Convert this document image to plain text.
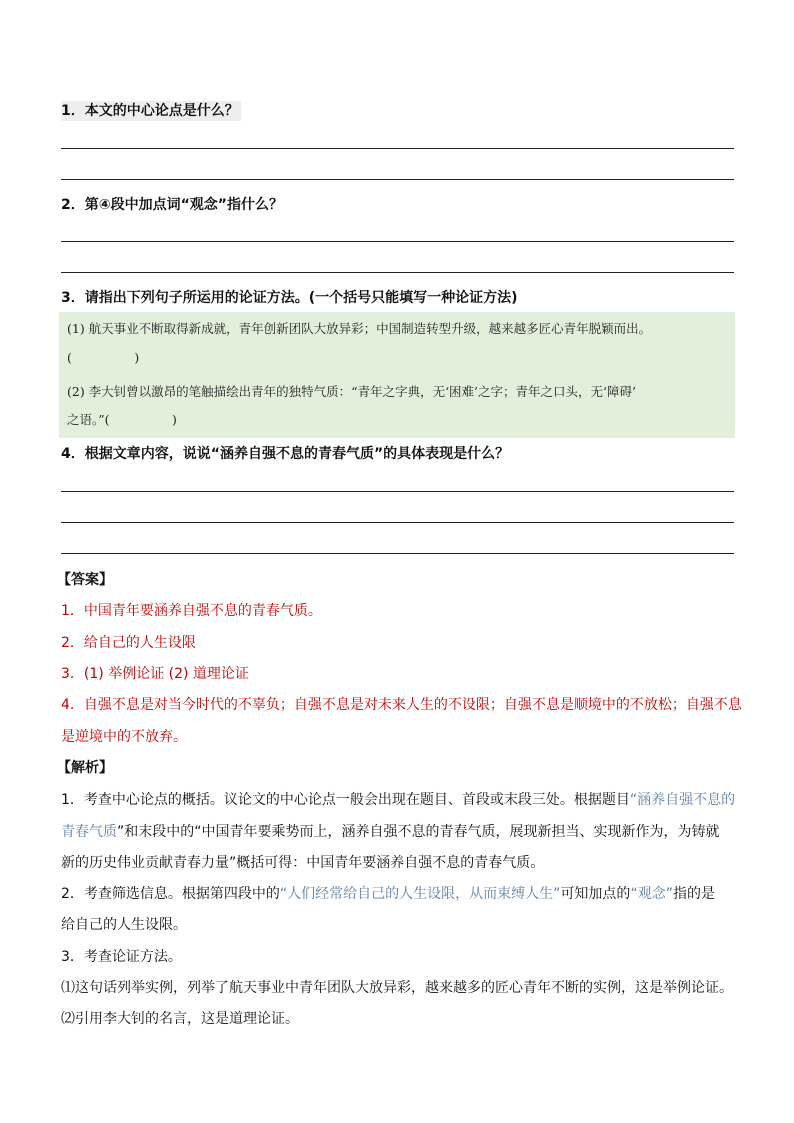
1．本文的中心论点是什么？
2．第④段中加点词“观念”指什么？
3．请指出下列句子所运用的论证方法。(一个括号只能填写一种论证方法)

(1) 航天事业不断取得新成就，青年创新团队大放异彩；中国制造转型升级，越来越多匠心青年脱颖而出。

(　　　　　)

(2) 李大钊曾以激昂的笔触描绘出青年的独特气质：“青年之字典，无‘困难’之字；青年之口头，无‘障碍’

之语。”(　　　　　)

4．根据文章内容，说说“涵养自强不息的青春气质”的具体表现是什么？
【答案】
1．中国青年要涵养自强不息的青春气质。
2．给自己的人生设限
3．(1) 举例论证 (2) 道理论证
4．自强不息是对当今时代的不辜负；自强不息是对未来人生的不设限；自强不息是顺境中的不放松；自强不息
是逆境中的不放弃。
【解析】
1．考查中心论点的概括。议论文的中心论点一般会出现在题目、首段或末段三处。根据题目“涵养自强不息的
青春气质”和末段中的“中国青年要乘势而上，涵养自强不息的青春气质，展现新担当、实现新作为，为铸就
新的历史伟业贡献青春力量”概括可得：中国青年要涵养自强不息的青春气质。
2．考查筛选信息。根据第四段中的“人们经常给自己的人生设限，从而束缚人生”可知加点的“观念”指的是
给自己的人生设限。
3．考查论证方法。
⑴这句话列举实例，列举了航天事业中青年团队大放异彩，越来越多的匠心青年不断的实例，这是举例论证。
⑵引用李大钊的名言，这是道理论证。
